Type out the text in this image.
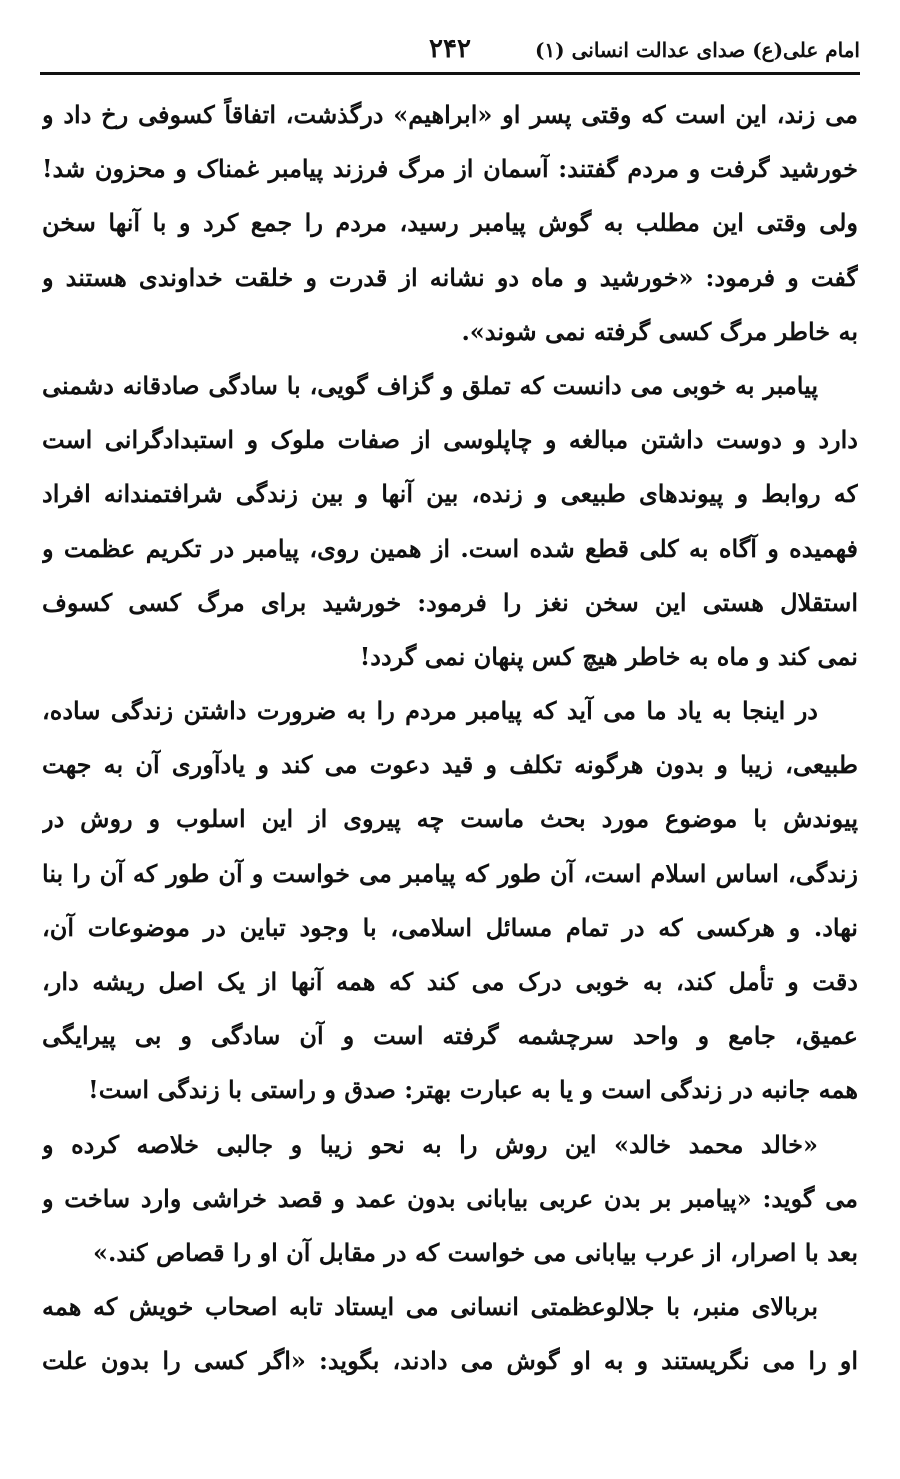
امام علی(ع) صدای عدالت انسانی (۱)
۲۴۲
می زند، این است که وقتی پسر او «ابراهیم» درگذشت، اتفاقاً کسوفی رخ داد و
خورشید گرفت و مردم گفتند: آسمان از مرگ فرزند پیامبر غمناک و محزون شد!
ولی وقتی این مطلب به گوش پیامبر رسید، مردم را جمع کرد و با آنها سخن
گفت و فرمود: «خورشید و ماه دو نشانه از قدرت و خلقت خداوندی هستند و
به خاطر مرگ کسی گرفته نمی شوند».
پیامبر به خوبی می دانست که تملق و گزاف گویی، با سادگی صادقانه دشمنی
دارد و دوست داشتن مبالغه و چاپلوسی از صفات ملوک و استبدادگرانی است
که روابط و پیوندهای طبیعی و زنده، بین آنها و بین زندگی شرافتمندانه افراد
فهمیده و آگاه به کلی قطع شده است. از همین روی، پیامبر در تکریم عظمت و
استقلال هستی این سخن نغز را فرمود: خورشید برای مرگ کسی کسوف
نمی کند و ماه به خاطر هیچ کس پنهان نمی گردد!
در اینجا به یاد ما می آید که پیامبر مردم را به ضرورت داشتن زندگی ساده،
طبیعی، زیبا و بدون هرگونه تکلف و قید دعوت می کند و یادآوری آن به جهت
پیوندش با موضوع مورد بحث ماست چه پیروی از این اسلوب و روش در
زندگی، اساس اسلام است، آن طور که پیامبر می خواست و آن طور که آن را بنا
نهاد. و هرکسی که در تمام مسائل اسلامی، با وجود تباین در موضوعات آن،
دقت و تأمل کند، به خوبی درک می کند که همه آنها از یک اصل ریشه دار،
عمیق، جامع و واحد سرچشمه گرفته است و آن سادگی و بی پیرایگی
همه جانبه در زندگی است و یا به عبارت بهتر: صدق و راستی با زندگی است!
«خالد محمد خالد» این روش را به نحو زیبا و جالبی خلاصه کرده و
می گوید: «پیامبر بر بدن عربی بیابانی بدون عمد و قصد خراشی وارد ساخت و
بعد با اصرار، از عرب بیابانی می خواست که در مقابل آن او را قصاص کند.»
بربالای منبر، با جلالوعظمتی انسانی می ایستاد تابه اصحاب خویش که همه
او را می نگریستند و به او گوش می دادند، بگوید: «اگر کسی را بدون علت
